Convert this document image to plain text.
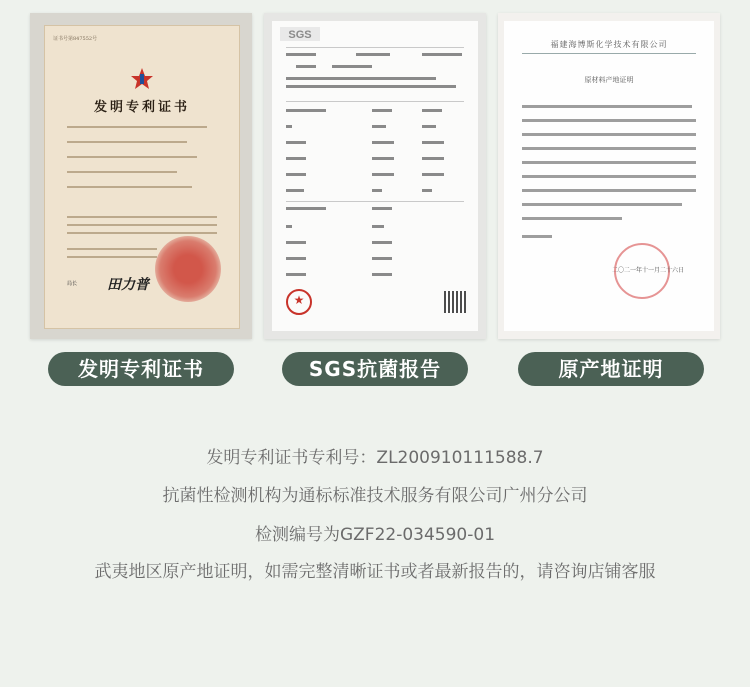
证书号第847552号
发明专利证书
局长 田力普
SGS
★
福建海博斯化学技术有限公司
原材料产地证明
二〇二一年十一月二十六日
发明专利证书	SGS抗菌报告	原产地证明
发明专利证书专利号：ZL200910111588.7
抗菌性检测机构为通标标准技术服务有限公司广州分公司
检测编号为GZF22-034590-01
武夷地区原产地证明，如需完整清晰证书或者最新报告的，请咨询店铺客服
